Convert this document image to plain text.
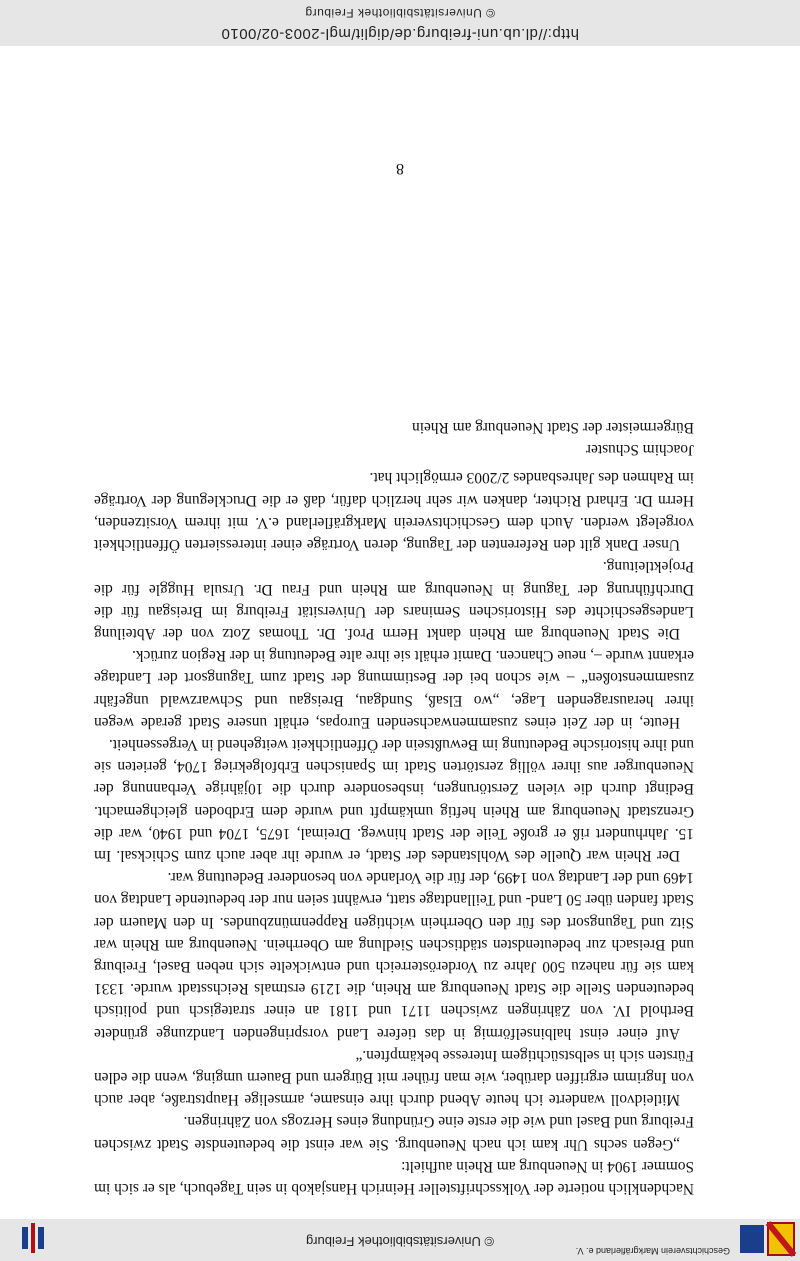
Geschichtsverein Markgräflerland e. V.
© Universitätsbibliothek Freiburg

Nachdenklich notierte der Volksschriftsteller Heinrich Hansjakob in sein Tagebuch, als er sich im Sommer 1904 in Neuenburg am Rhein aufhielt:

„Gegen sechs Uhr kam ich nach Neuenburg. Sie war einst die bedeutendste Stadt zwischen Freiburg und Basel und wie die erste eine Gründung eines Herzogs von Zähringen.

Mitleidvoll wanderte ich heute Abend durch ihre einsame, armselige Hauptstraße, aber auch von Ingrimm ergriffen darüber, wie man früher mit Bürgern und Bauern umging, wenn die edlen Fürsten sich in selbstsüchtigem Interesse bekämpften.“

Auf einer einst halbinselförmig in das tiefere Land vorspringenden Landzunge gründete Berthold IV. von Zähringen zwischen 1171 und 1181 an einer strategisch und politisch bedeutenden Stelle die Stadt Neuenburg am Rhein, die 1219 erstmals Reichsstadt wurde. 1331 kam sie für nahezu 500 Jahre zu Vorderösterreich und entwickelte sich neben Basel, Freiburg und Breisach zur bedeutendsten städtischen Siedlung am Oberrhein. Neuenburg am Rhein war Sitz und Tagungsort des für den Oberrhein wichtigen Rappenmünzbundes. In den Mauern der Stadt fanden über 50 Land- und Teillandtage statt, erwähnt seien nur der bedeutende Landtag von 1469 und der Landtag von 1499, der für die Vorlande von besonderer Bedeutung war.

Der Rhein war Quelle des Wohlstandes der Stadt, er wurde ihr aber auch zum Schicksal. Im 15. Jahrhundert riß er große Teile der Stadt hinweg. Dreimal, 1675, 1704 und 1940, war die Grenzstadt Neuenburg am Rhein heftig umkämpft und wurde dem Erdboden gleichgemacht. Bedingt durch die vielen Zerstörungen, insbesondere durch die 10jährige Verbannung der Neuenburger aus ihrer völlig zerstörten Stadt im Spanischen Erbfolgekrieg 1704, gerieten sie und ihre historische Bedeutung im Bewußtsein der Öffentlichkeit weitgehend in Vergessenheit.

Heute, in der Zeit eines zusammenwachsenden Europas, erhält unsere Stadt gerade wegen ihrer herausragenden Lage, „wo Elsaß, Sundgau, Breisgau und Schwarzwald ungefähr zusammenstoßen“ – wie schon bei der Bestimmung der Stadt zum Tagungsort der Landtage erkannt wurde –, neue Chancen. Damit erhält sie ihre alte Bedeutung in der Region zurück.

Die Stadt Neuenburg am Rhein dankt Herrn Prof. Dr. Thomas Zotz von der Abteilung Landesgeschichte des Historischen Seminars der Universität Freiburg im Breisgau für die Durchführung der Tagung in Neuenburg am Rhein und Frau Dr. Ursula Huggle für die Projektleitung.

Unser Dank gilt den Referenten der Tagung, deren Vorträge einer interessierten Öffentlichkeit vorgelegt werden. Auch dem Geschichtsverein Markgräflerland e.V. mit ihrem Vorsitzenden, Herrn Dr. Erhard Richter, danken wir sehr herzlich dafür, daß er die Drucklegung der Vorträge im Rahmen des Jahresbandes 2/2003 ermöglicht hat.

Joachim Schuster
Bürgermeister der Stadt Neuenburg am Rhein
8
http://dl.ub.uni-freiburg.de/diglit/mgl-2003-02/0010
© Universitätsbibliothek Freiburg
